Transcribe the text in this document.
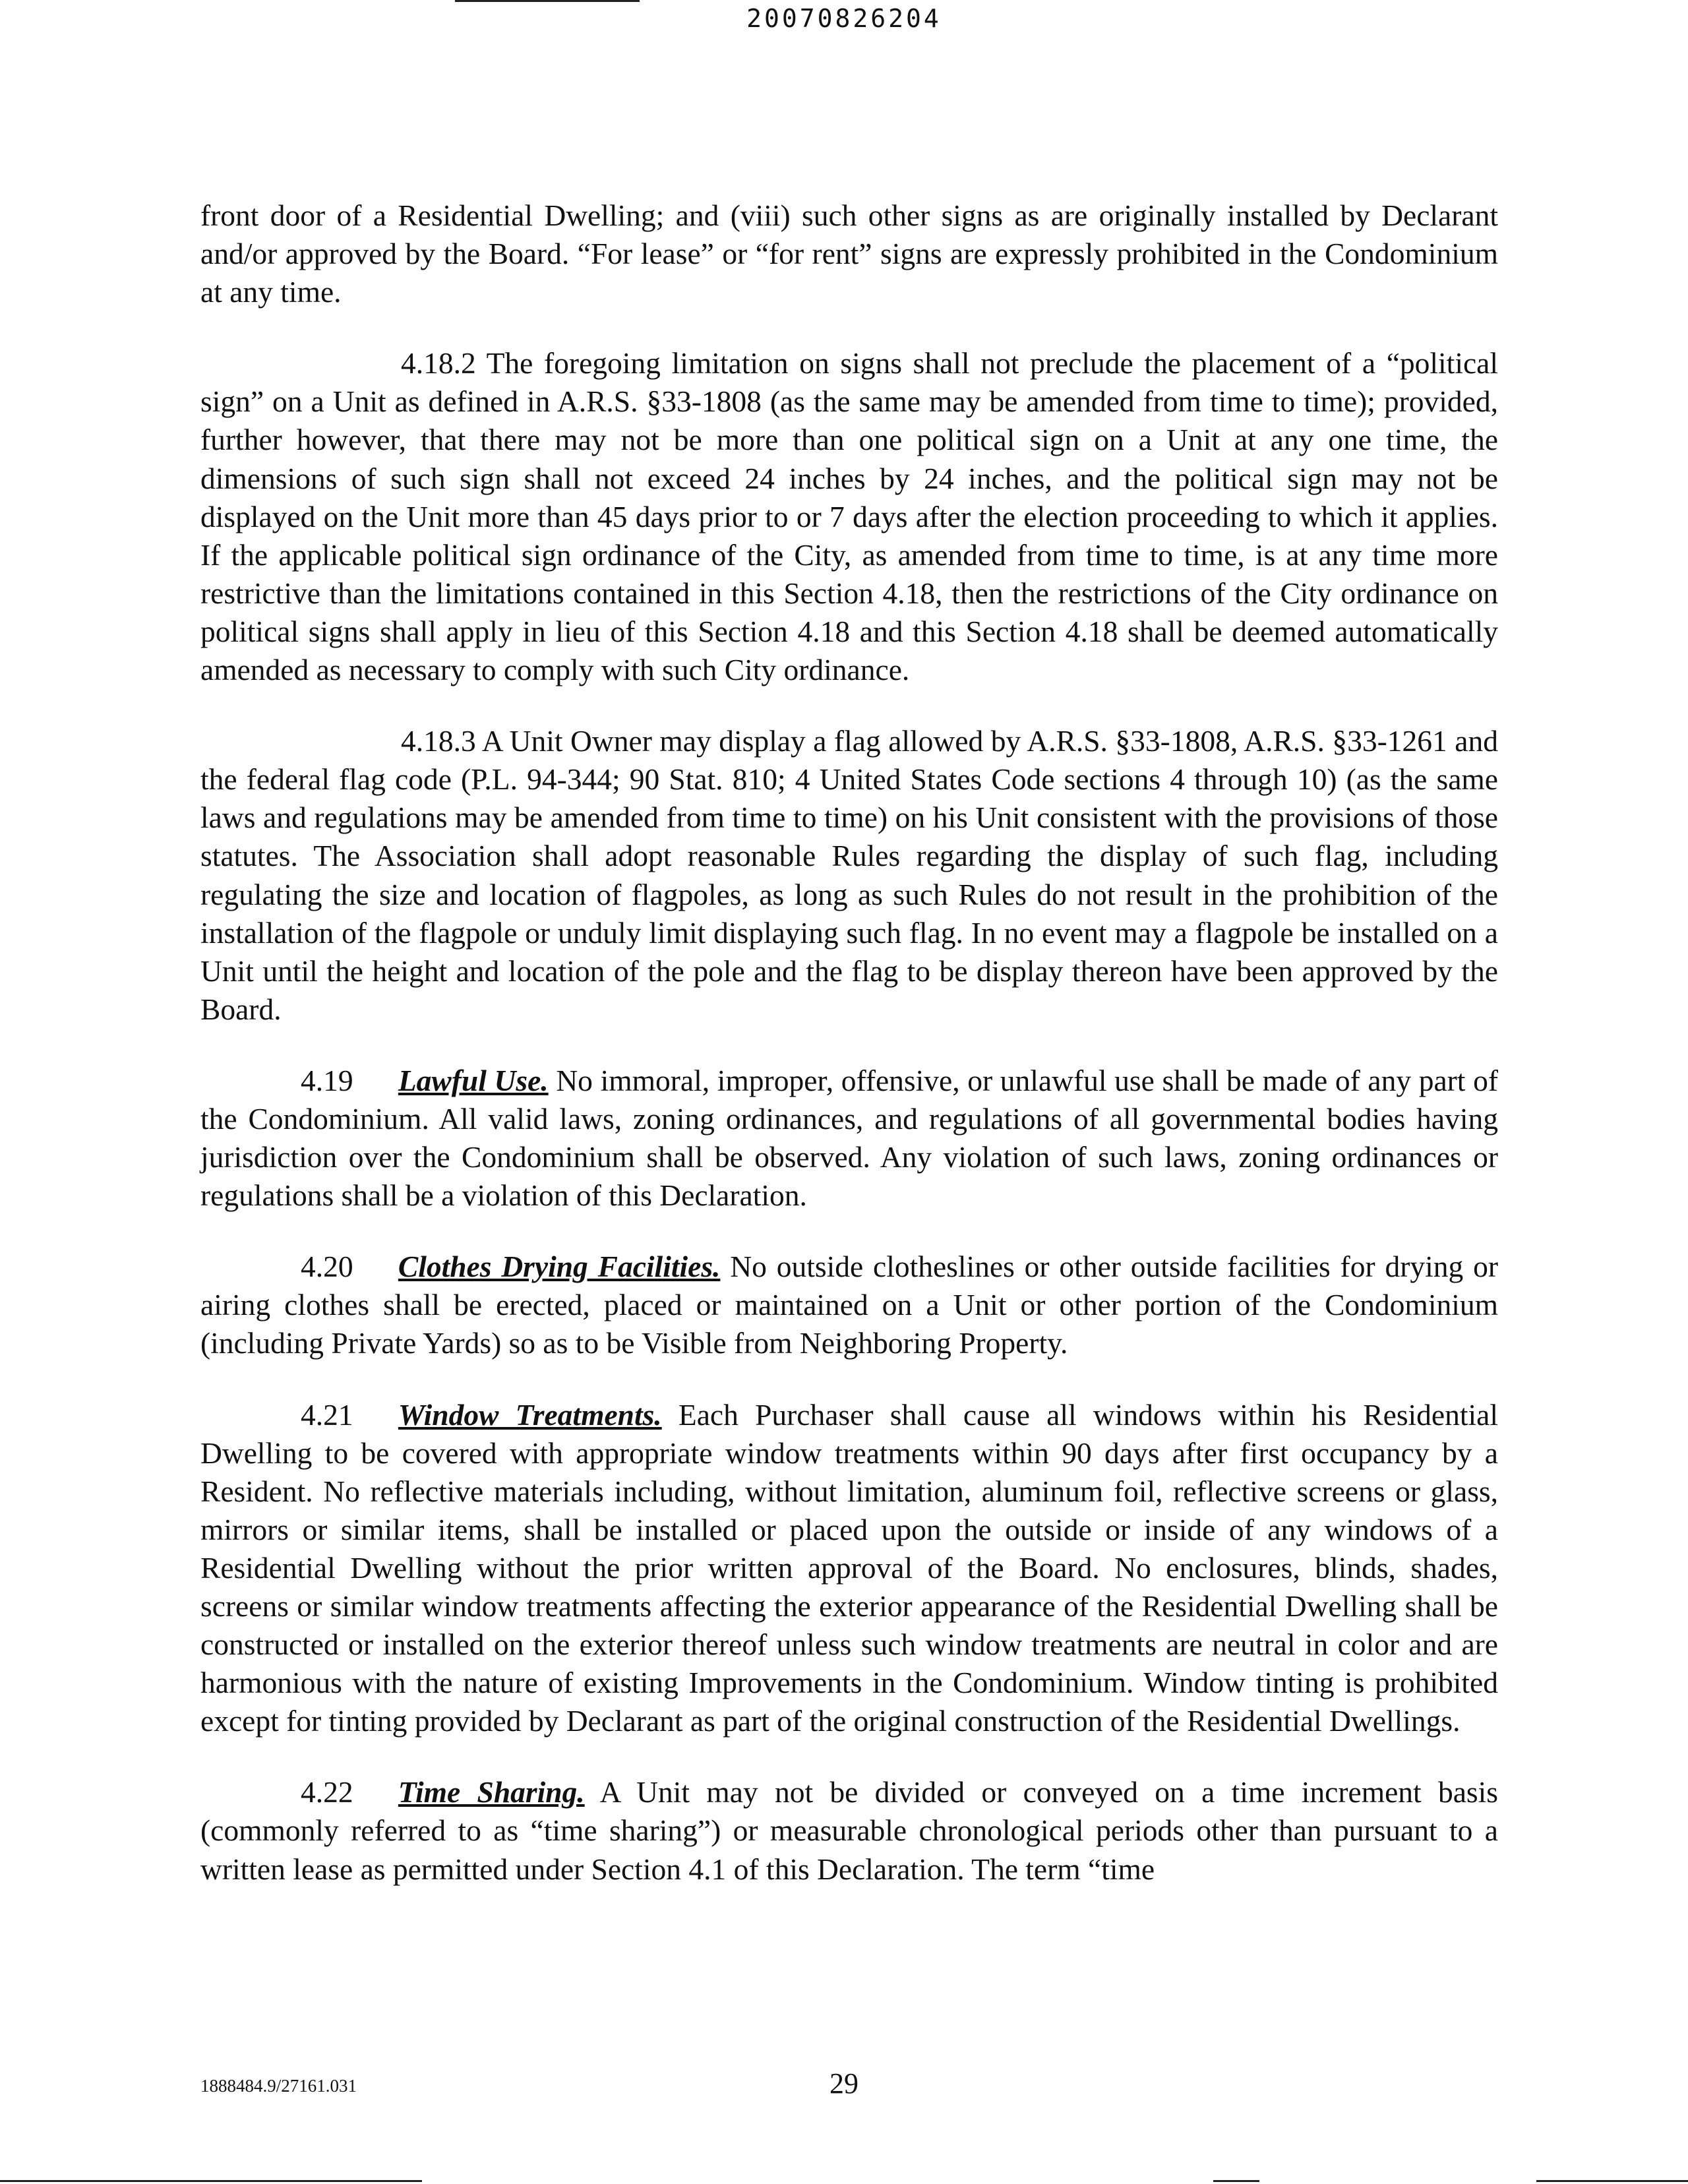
20070826204

front door of a Residential Dwelling; and (viii) such other signs as are originally installed by Declarant and/or approved by the Board. “For lease” or “for rent” signs are expressly prohibited in the Condominium at any time.

4.18.2 The foregoing limitation on signs shall not preclude the placement of a “political sign” on a Unit as defined in A.R.S. §33-1808 (as the same may be amended from time to time); provided, further however, that there may not be more than one political sign on a Unit at any one time, the dimensions of such sign shall not exceed 24 inches by 24 inches, and the political sign may not be displayed on the Unit more than 45 days prior to or 7 days after the election proceeding to which it applies. If the applicable political sign ordinance of the City, as amended from time to time, is at any time more restrictive than the limitations contained in this Section 4.18, then the restrictions of the City ordinance on political signs shall apply in lieu of this Section 4.18 and this Section 4.18 shall be deemed automatically amended as necessary to comply with such City ordinance.

4.18.3 A Unit Owner may display a flag allowed by A.R.S. §33-1808, A.R.S. §33-1261 and the federal flag code (P.L. 94-344; 90 Stat. 810; 4 United States Code sections 4 through 10) (as the same laws and regulations may be amended from time to time) on his Unit consistent with the provisions of those statutes. The Association shall adopt reasonable Rules regarding the display of such flag, including regulating the size and location of flagpoles, as long as such Rules do not result in the prohibition of the installation of the flagpole or unduly limit displaying such flag. In no event may a flagpole be installed on a Unit until the height and location of the pole and the flag to be display thereon have been approved by the Board.

4.19   Lawful Use. No immoral, improper, offensive, or unlawful use shall be made of any part of the Condominium. All valid laws, zoning ordinances, and regulations of all governmental bodies having jurisdiction over the Condominium shall be observed. Any violation of such laws, zoning ordinances or regulations shall be a violation of this Declaration.

4.20   Clothes Drying Facilities. No outside clotheslines or other outside facilities for drying or airing clothes shall be erected, placed or maintained on a Unit or other portion of the Condominium (including Private Yards) so as to be Visible from Neighboring Property.

4.21   Window Treatments. Each Purchaser shall cause all windows within his Residential Dwelling to be covered with appropriate window treatments within 90 days after first occupancy by a Resident. No reflective materials including, without limitation, aluminum foil, reflective screens or glass, mirrors or similar items, shall be installed or placed upon the outside or inside of any windows of a Residential Dwelling without the prior written approval of the Board. No enclosures, blinds, shades, screens or similar window treatments affecting the exterior appearance of the Residential Dwelling shall be constructed or installed on the exterior thereof unless such window treatments are neutral in color and are harmonious with the nature of existing Improvements in the Condominium. Window tinting is prohibited except for tinting provided by Declarant as part of the original construction of the Residential Dwellings.

4.22   Time Sharing. A Unit may not be divided or conveyed on a time increment basis (commonly referred to as “time sharing”) or measurable chronological periods other than pursuant to a written lease as permitted under Section 4.1 of this Declaration. The term “time

1888484.9/27161.031	29
